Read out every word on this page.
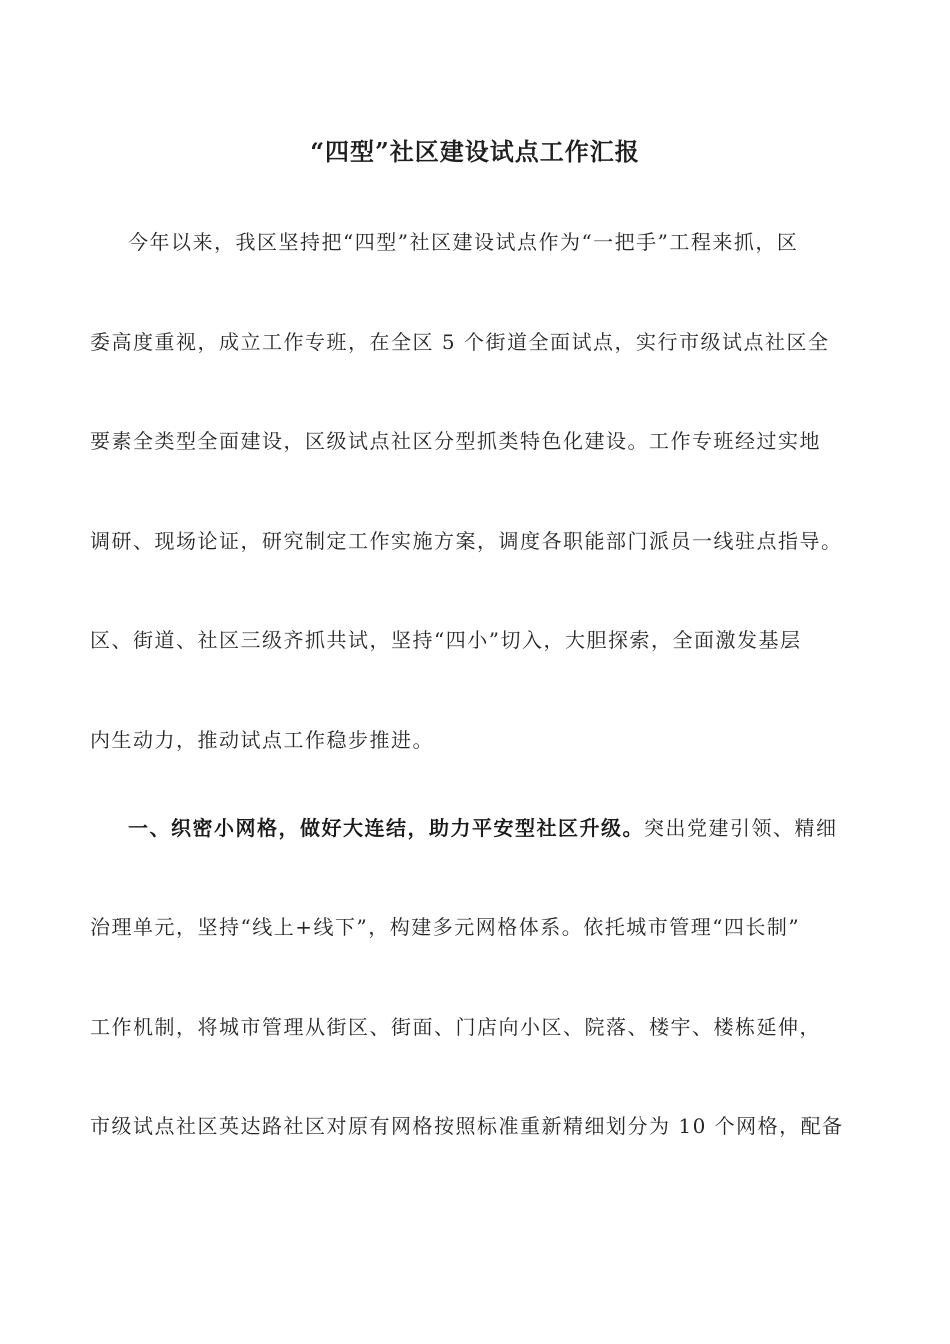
“四型”社区建设试点工作汇报

今年以来，我区坚持把“四型”社区建设试点作为“一把手”工程来抓，区

委高度重视，成立工作专班，在全区 5 个街道全面试点，实行市级试点社区全

要素全类型全面建设，区级试点社区分型抓类特色化建设。工作专班经过实地

调研、现场论证，研究制定工作实施方案，调度各职能部门派员一线驻点指导。

区、街道、社区三级齐抓共试，坚持“四小”切入，大胆探索，全面激发基层

内生动力，推动试点工作稳步推进。

一、织密小网格，做好大连结，助力平安型社区升级。突出党建引领、精细

治理单元，坚持“线上+线下”，构建多元网格体系。依托城市管理“四长制”

工作机制，将城市管理从街区、街面、门店向小区、院落、楼宇、楼栋延伸，

市级试点社区英达路社区对原有网格按照标准重新精细划分为 10 个网格，配备
